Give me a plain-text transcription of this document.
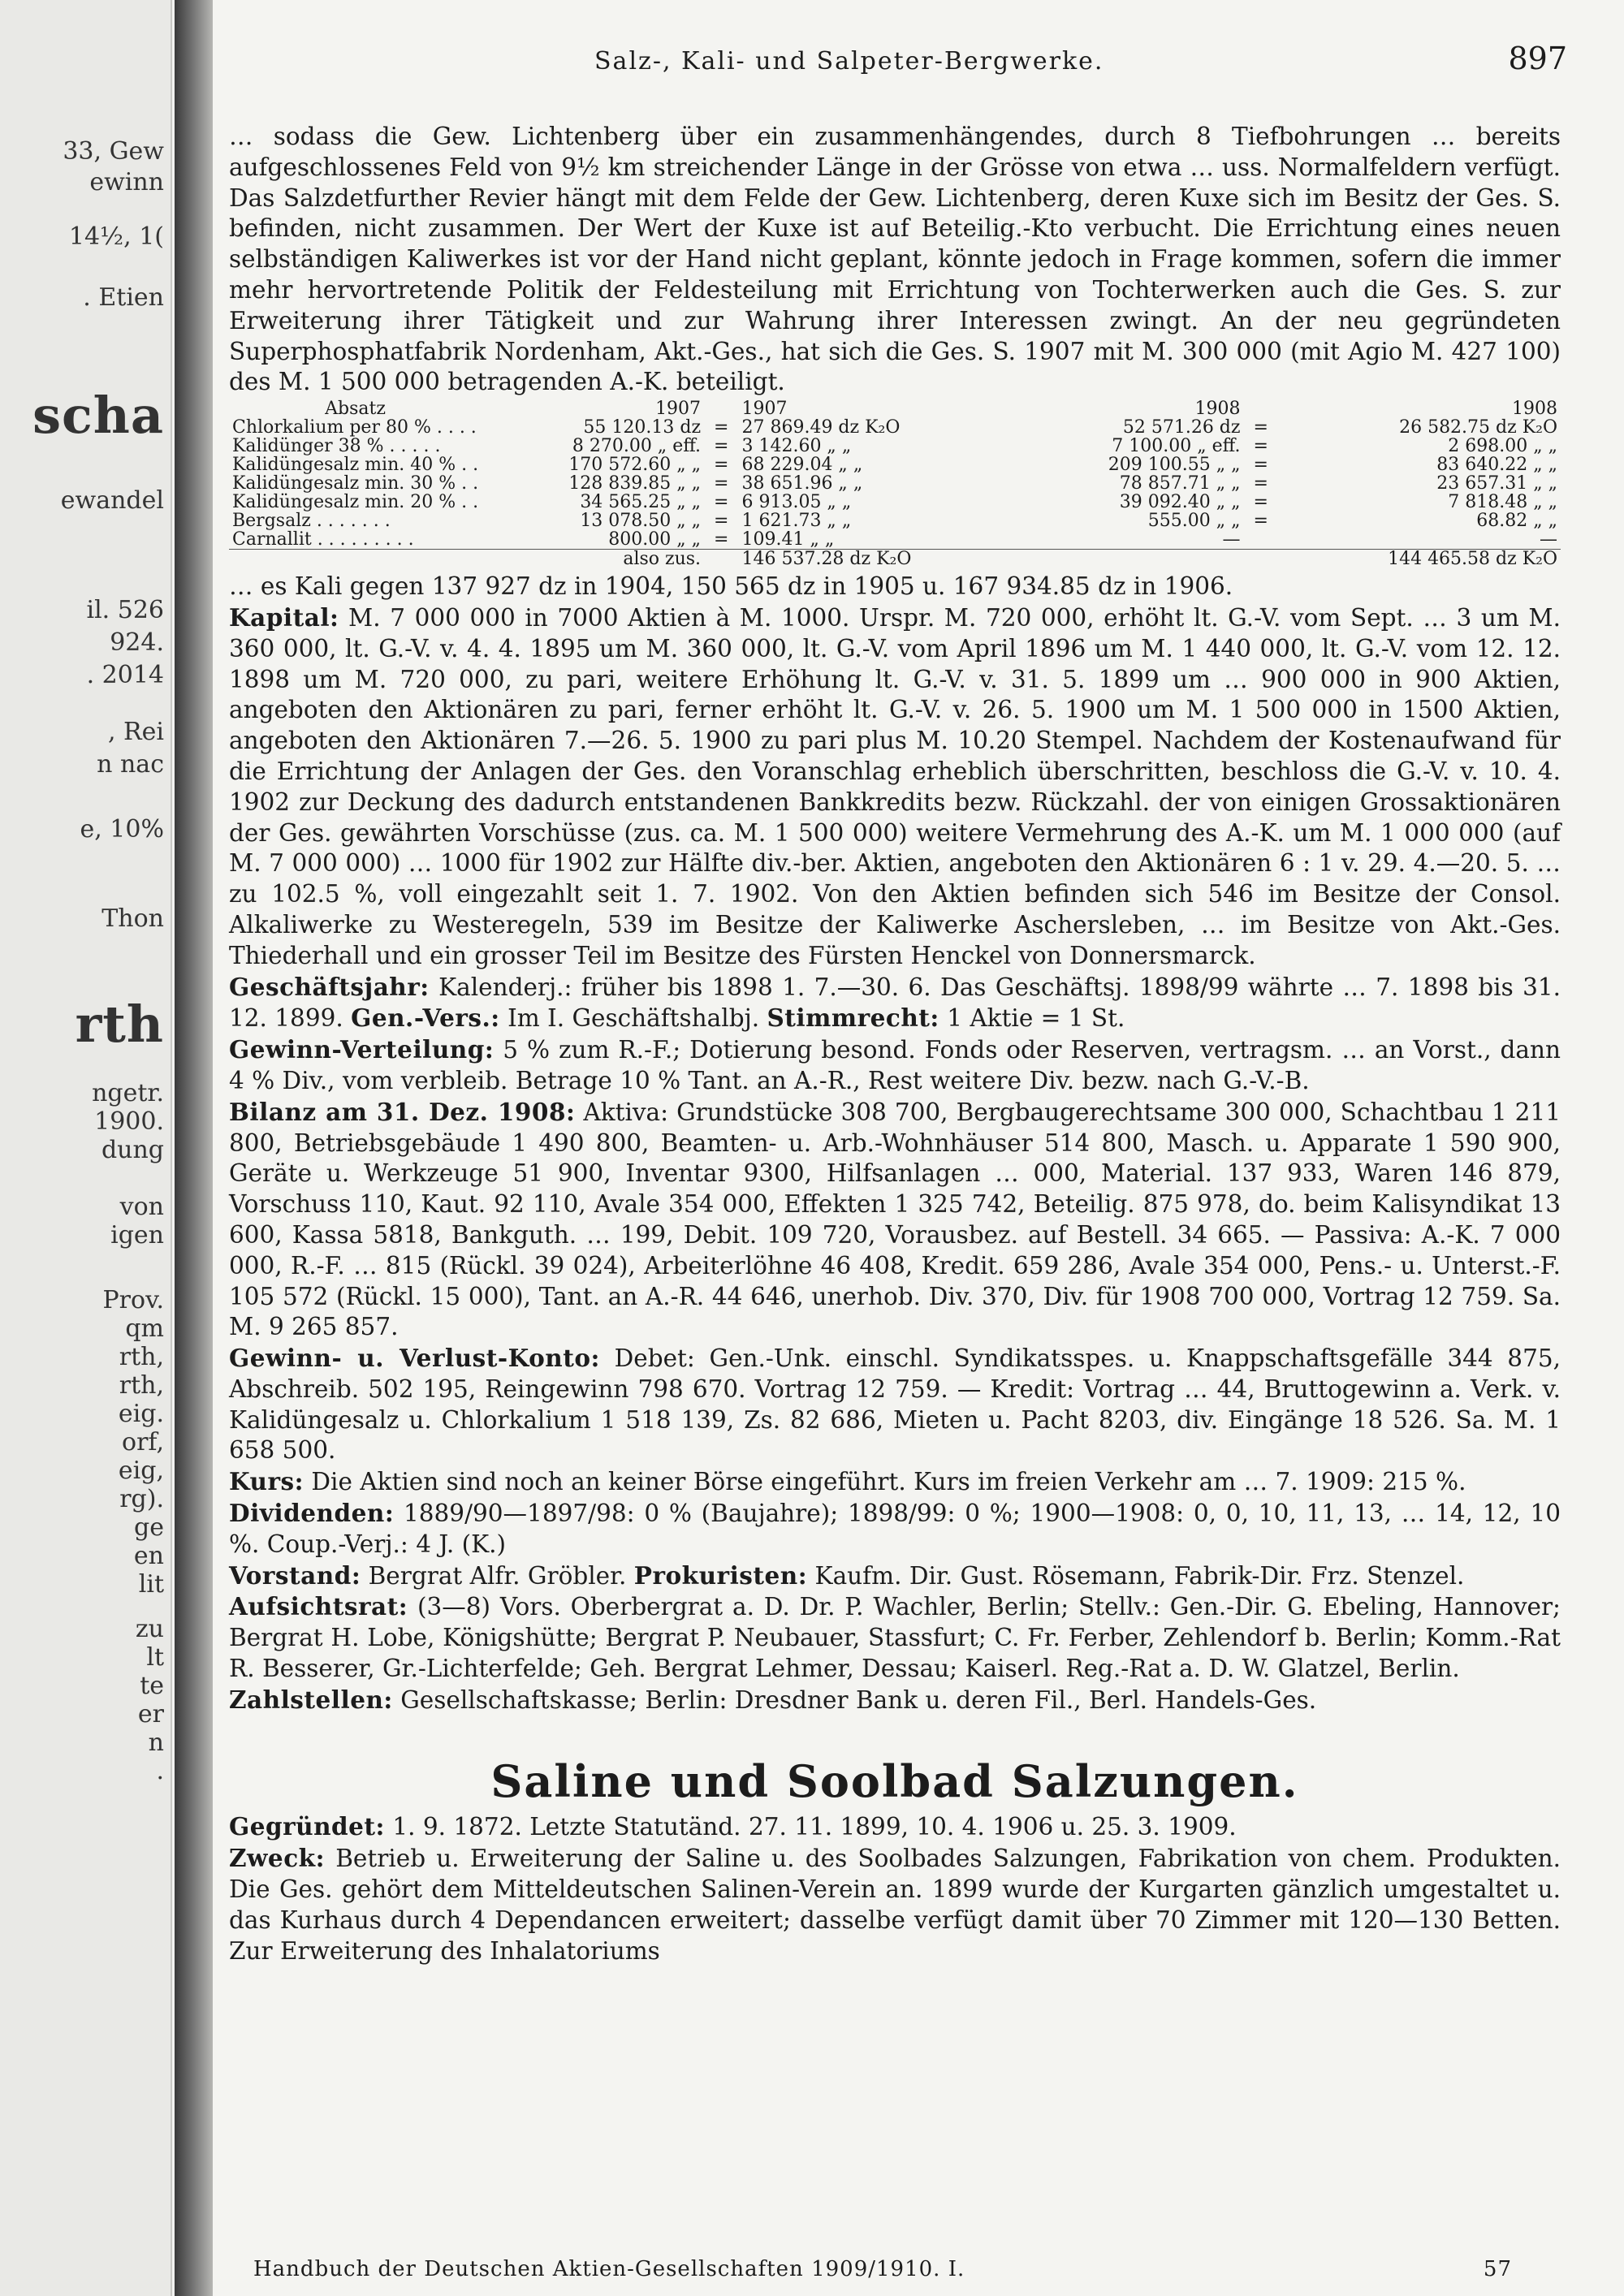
33, Gew
ewinn
14½, 1(
. Etien
scha
ewandel
il. 526
924.
. 2014
, Rei
n nac
e, 10%
Thon
rth
ngetr.
1900.
dung
von
igen
Prov.
qm
rth,
rth,
eig.
orf,
eig,
rg).
ge
en
lit
zu
lt
te
er
n
.
Salz-, Kali- und Salpeter-Bergwerke.	897

… sodass die Gew. Lichtenberg über ein zusammenhängendes, durch 8 Tiefbohrungen … bereits aufgeschlossenes Feld von 9½ km streichender Länge in der Grösse von etwa … uss. Normalfeldern verfügt. Das Salzdetfurther Revier hängt mit dem Felde der Gew. Lichtenberg, deren Kuxe sich im Besitz der Ges. S. befinden, nicht zusammen. Der Wert der Kuxe ist auf Beteilig.-Kto verbucht. Die Errichtung eines neuen selbständigen Kaliwerkes ist vor der Hand nicht geplant, könnte jedoch in Frage kommen, sofern die immer mehr hervortretende Politik der Feldesteilung mit Errichtung von Tochterwerken auch die Ges. S. zur Erweiterung ihrer Tätigkeit und zur Wahrung ihrer Interessen zwingt. An der neu gegründeten Superphosphatfabrik Nordenham, Akt.-Ges., hat sich die Ges. S. 1907 mit M. 300 000 (mit Agio M. 427 100) des M. 1 500 000 betragenden A.-K. beteiligt.

Absatz	1907		1907	1908		1908
Chlorkalium per 80 % . . . .	55 120.13 dz	=	27 869.49 dz K₂O	52 571.26 dz	=	26 582.75 dz K₂O
Kalidünger 38 % . . . . .	8 270.00 „ eff.	=	3 142.60 „ „	7 100.00 „ eff.	=	2 698.00 „ „
Kalidüngesalz min. 40 % . .	170 572.60 „ „	=	68 229.04 „ „	209 100.55 „ „	=	83 640.22 „ „
Kalidüngesalz min. 30 % . .	128 839.85 „ „	=	38 651.96 „ „	78 857.71 „ „	=	23 657.31 „ „
Kalidüngesalz min. 20 % . .	34 565.25 „ „	=	6 913.05 „ „	39 092.40 „ „	=	7 818.48 „ „
Bergsalz . . . . . . .	13 078.50 „ „	=	1 621.73 „ „	555.00 „ „	=	68.82 „ „
Carnallit . . . . . . . . .	800.00 „ „	=	109.41 „ „	—		—
	also zus.		146 537.28 dz K₂O			144 465.58 dz K₂O

… es Kali gegen 137 927 dz in 1904, 150 565 dz in 1905 u. 167 934.85 dz in 1906.

Kapital: M. 7 000 000 in 7000 Aktien à M. 1000. Urspr. M. 720 000, erhöht lt. G.-V. vom Sept. … 3 um M. 360 000, lt. G.-V. v. 4. 4. 1895 um M. 360 000, lt. G.-V. vom April 1896 um M. 1 440 000, lt. G.-V. vom 12. 12. 1898 um M. 720 000, zu pari, weitere Erhöhung lt. G.-V. v. 31. 5. 1899 um … 900 000 in 900 Aktien, angeboten den Aktionären zu pari, ferner erhöht lt. G.-V. v. 26. 5. 1900 um M. 1 500 000 in 1500 Aktien, angeboten den Aktionären 7.—26. 5. 1900 zu pari plus M. 10.20 Stempel. Nachdem der Kostenaufwand für die Errichtung der Anlagen der Ges. den Voranschlag erheblich überschritten, beschloss die G.-V. v. 10. 4. 1902 zur Deckung des dadurch entstandenen Bankkredits bezw. Rückzahl. der von einigen Grossaktionären der Ges. gewährten Vorschüsse (zus. ca. M. 1 500 000) weitere Vermehrung des A.-K. um M. 1 000 000 (auf M. 7 000 000) … 1000 für 1902 zur Hälfte div.-ber. Aktien, angeboten den Aktionären 6 : 1 v. 29. 4.—20. 5. … zu 102.5 %, voll eingezahlt seit 1. 7. 1902. Von den Aktien befinden sich 546 im Besitze der Consol. Alkaliwerke zu Westeregeln, 539 im Besitze der Kaliwerke Aschersleben, … im Besitze von Akt.-Ges. Thiederhall und ein grosser Teil im Besitze des Fürsten Henckel von Donnersmarck.

Geschäftsjahr: Kalenderj.: früher bis 1898 1. 7.—30. 6. Das Geschäftsj. 1898/99 währte … 7. 1898 bis 31. 12. 1899. Gen.-Vers.: Im I. Geschäftshalbj. Stimmrecht: 1 Aktie = 1 St.

Gewinn-Verteilung: 5 % zum R.-F.; Dotierung besond. Fonds oder Reserven, vertragsm. … an Vorst., dann 4 % Div., vom verbleib. Betrage 10 % Tant. an A.-R., Rest weitere Div. bezw. nach G.-V.-B.

Bilanz am 31. Dez. 1908: Aktiva: Grundstücke 308 700, Bergbaugerechtsame 300 000, Schachtbau 1 211 800, Betriebsgebäude 1 490 800, Beamten- u. Arb.-Wohnhäuser 514 800, Masch. u. Apparate 1 590 900, Geräte u. Werkzeuge 51 900, Inventar 9300, Hilfsanlagen … 000, Material. 137 933, Waren 146 879, Vorschuss 110, Kaut. 92 110, Avale 354 000, Effekten 1 325 742, Beteilig. 875 978, do. beim Kalisyndikat 13 600, Kassa 5818, Bankguth. … 199, Debit. 109 720, Vorausbez. auf Bestell. 34 665. — Passiva: A.-K. 7 000 000, R.-F. … 815 (Rückl. 39 024), Arbeiterlöhne 46 408, Kredit. 659 286, Avale 354 000, Pens.- u. Unterst.-F. 105 572 (Rückl. 15 000), Tant. an A.-R. 44 646, unerhob. Div. 370, Div. für 1908 700 000, Vortrag 12 759. Sa. M. 9 265 857.

Gewinn- u. Verlust-Konto: Debet: Gen.-Unk. einschl. Syndikatsspes. u. Knappschaftsgefälle 344 875, Abschreib. 502 195, Reingewinn 798 670. Vortrag 12 759. — Kredit: Vortrag … 44, Bruttogewinn a. Verk. v. Kalidüngesalz u. Chlorkalium 1 518 139, Zs. 82 686, Mieten u. Pacht 8203, div. Eingänge 18 526. Sa. M. 1 658 500.

Kurs: Die Aktien sind noch an keiner Börse eingeführt. Kurs im freien Verkehr am … 7. 1909: 215 %.

Dividenden: 1889/90—1897/98: 0 % (Baujahre); 1898/99: 0 %; 1900—1908: 0, 0, 10, 11, 13, … 14, 12, 10 %. Coup.-Verj.: 4 J. (K.)

Vorstand: Bergrat Alfr. Gröbler. Prokuristen: Kaufm. Dir. Gust. Rösemann, Fabrik-Dir. Frz. Stenzel.

Aufsichtsrat: (3—8) Vors. Oberbergrat a. D. Dr. P. Wachler, Berlin; Stellv.: Gen.-Dir. G. Ebeling, Hannover; Bergrat H. Lobe, Königshütte; Bergrat P. Neubauer, Stassfurt; C. Fr. Ferber, Zehlendorf b. Berlin; Komm.-Rat R. Besserer, Gr.-Lichterfelde; Geh. Bergrat Lehmer, Dessau; Kaiserl. Reg.-Rat a. D. W. Glatzel, Berlin.

Zahlstellen: Gesellschaftskasse; Berlin: Dresdner Bank u. deren Fil., Berl. Handels-Ges.

Saline und Soolbad Salzungen.

Gegründet: 1. 9. 1872. Letzte Statutänd. 27. 11. 1899, 10. 4. 1906 u. 25. 3. 1909.

Zweck: Betrieb u. Erweiterung der Saline u. des Soolbades Salzungen, Fabrikation von chem. Produkten. Die Ges. gehört dem Mitteldeutschen Salinen-Verein an. 1899 wurde der Kurgarten gänzlich umgestaltet u. das Kurhaus durch 4 Dependancen erweitert; dasselbe verfügt damit über 70 Zimmer mit 120—130 Betten. Zur Erweiterung des Inhalatoriums

Handbuch der Deutschen Aktien-Gesellschaften 1909/1910. I.	57
